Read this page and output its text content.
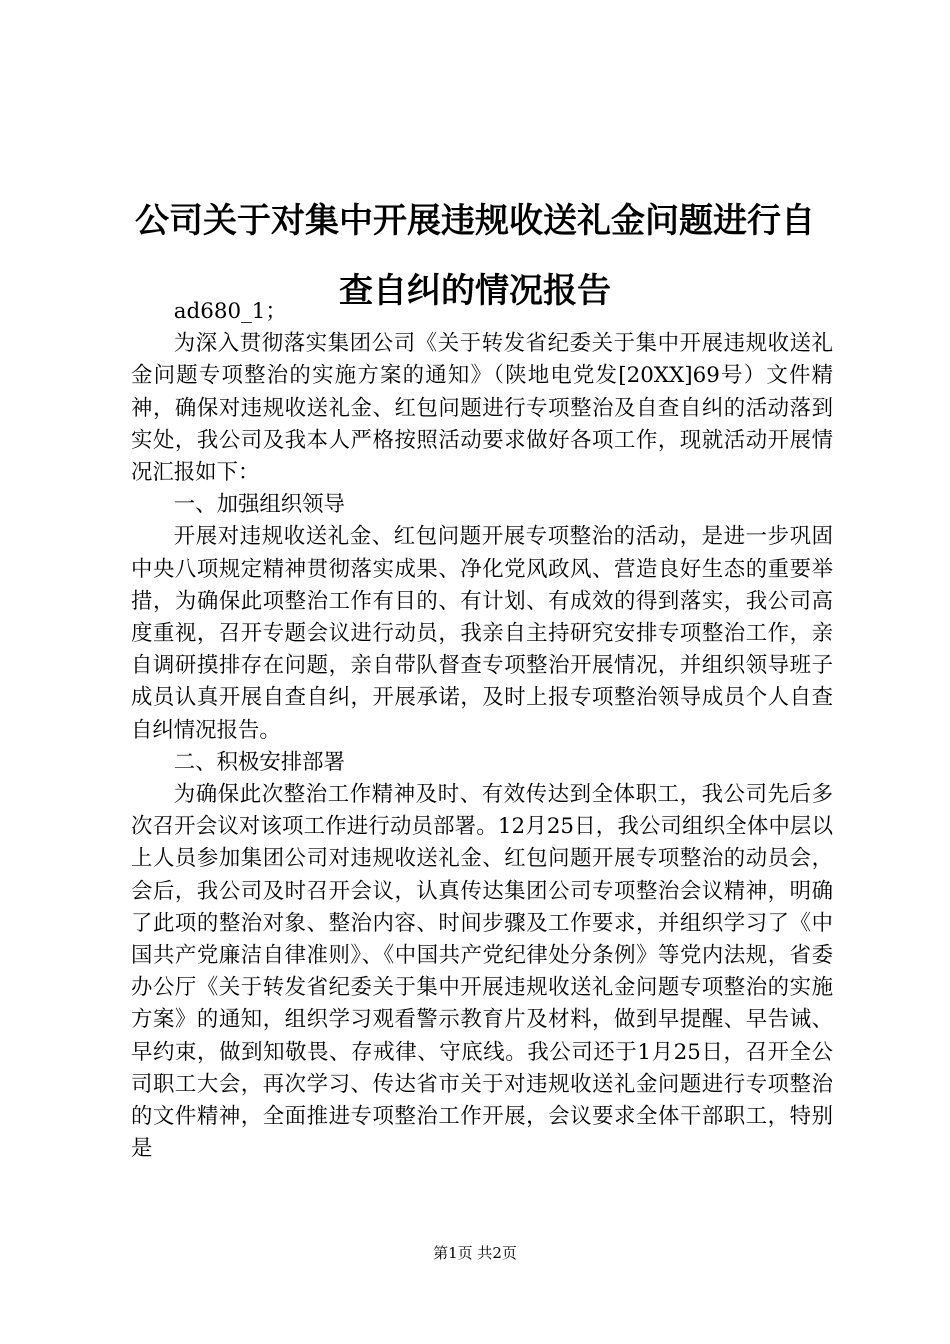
公司关于对集中开展违规收送礼金问题进行自查自纠的情况报告

ad680_1；

为深入贯彻落实集团公司《关于转发省纪委关于集中开展违规收送礼金问题专项整治的实施方案的通知》（陕地电党发[20XX]69号）文件精神，确保对违规收送礼金、红包问题进行专项整治及自查自纠的活动落到实处，我公司及我本人严格按照活动要求做好各项工作，现就活动开展情况汇报如下：

一、加强组织领导

开展对违规收送礼金、红包问题开展专项整治的活动，是进一步巩固中央八项规定精神贯彻落实成果、净化党风政风、营造良好生态的重要举措，为确保此项整治工作有目的、有计划、有成效的得到落实，我公司高度重视，召开专题会议进行动员，我亲自主持研究安排专项整治工作，亲自调研摸排存在问题，亲自带队督查专项整治开展情况，并组织领导班子成员认真开展自查自纠，开展承诺，及时上报专项整治领导成员个人自查自纠情况报告。

二、积极安排部署

为确保此次整治工作精神及时、有效传达到全体职工，我公司先后多次召开会议对该项工作进行动员部署。12月25日，我公司组织全体中层以上人员参加集团公司对违规收送礼金、红包问题开展专项整治的动员会，会后，我公司及时召开会议，认真传达集团公司专项整治会议精神，明确了此项的整治对象、整治内容、时间步骤及工作要求，并组织学习了《中国共产党廉洁自律准则》、《中国共产党纪律处分条例》等党内法规，省委办公厅《关于转发省纪委关于集中开展违规收送礼金问题专项整治的实施方案》的通知，组织学习观看警示教育片及材料，做到早提醒、早告诫、早约束，做到知敬畏、存戒律、守底线。我公司还于1月25日，召开全公司职工大会，再次学习、传达省市关于对违规收送礼金问题进行专项整治的文件精神，全面推进专项整治工作开展，会议要求全体干部职工，特别是

第1页 共2页
